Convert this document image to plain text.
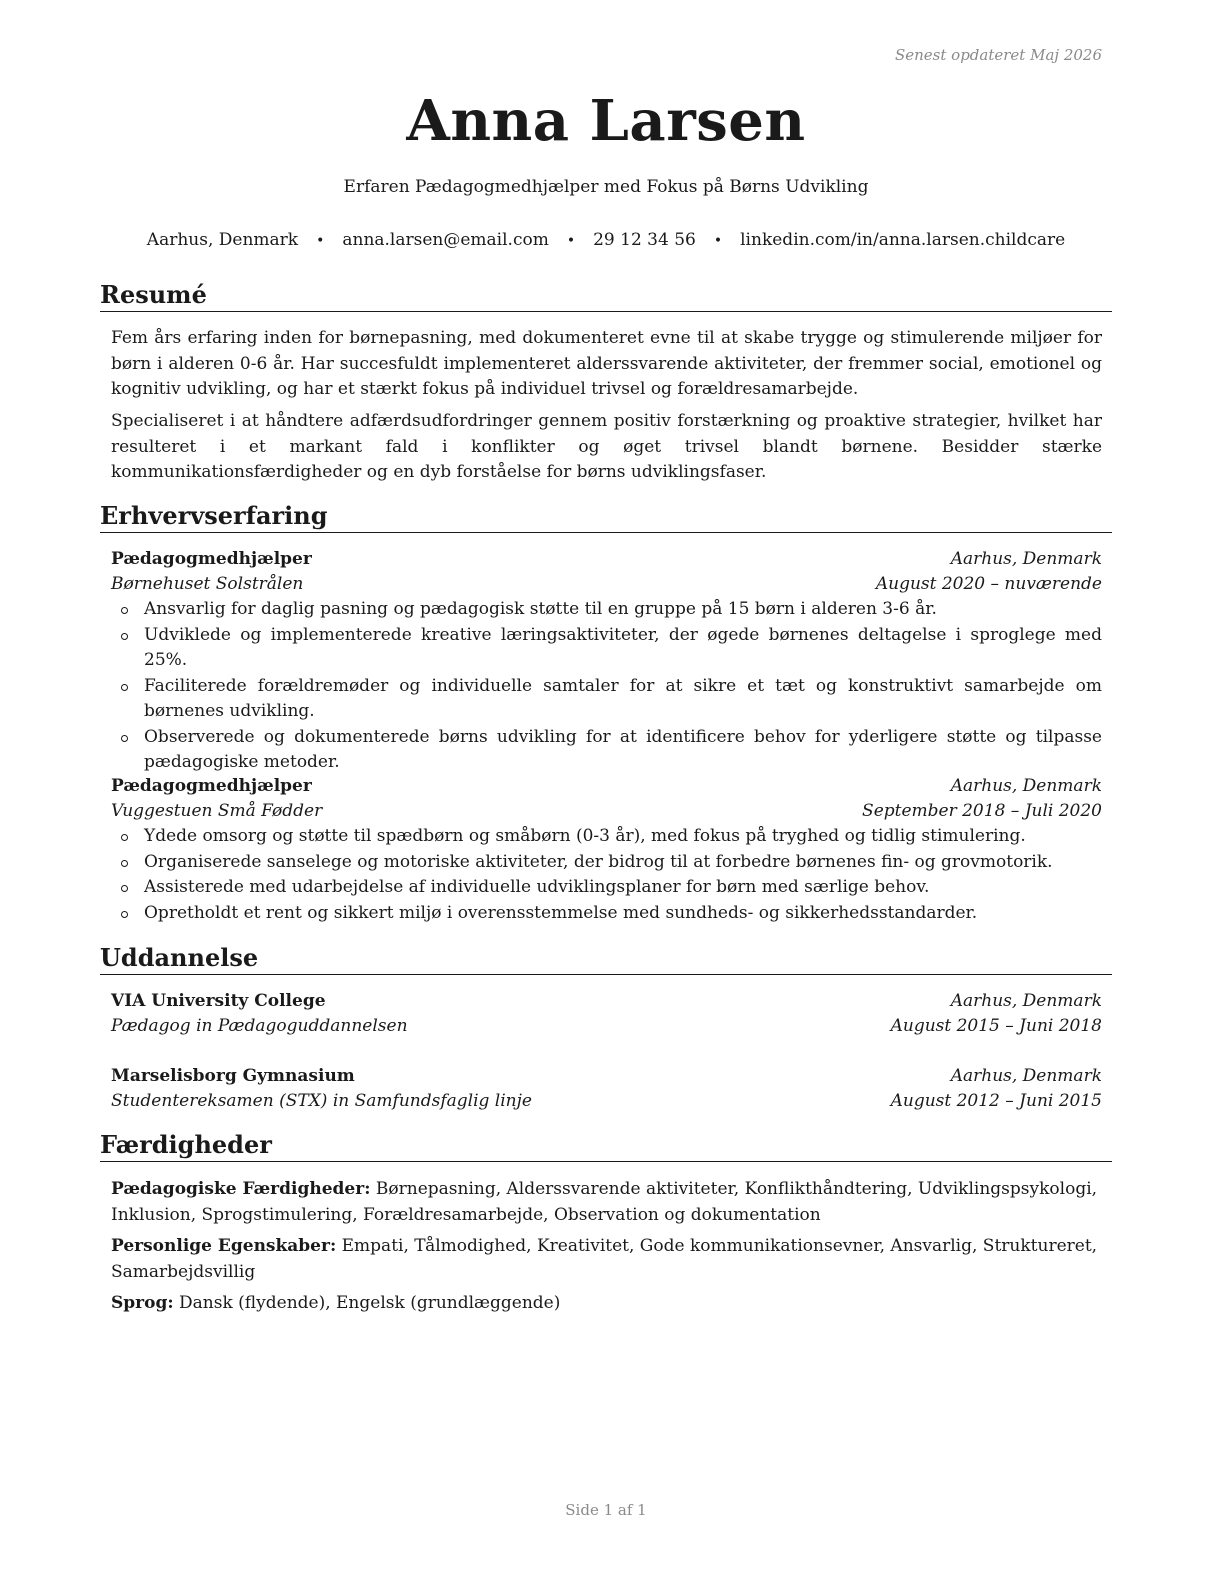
Senest opdateret Maj 2026
Anna Larsen
Erfaren Pædagogmedhjælper med Fokus på Børns Udvikling
Aarhus, Denmark • anna.larsen@email.com • 29 12 34 56 • linkedin.com/in/anna.larsen.childcare
Resumé
Fem års erfaring inden for børnepasning, med dokumenteret evne til at skabe trygge og stimulerende miljøer for børn i alderen 0-6 år. Har succesfuldt implementeret alderssvarende aktiviteter, der fremmer social, emotionel og kognitiv udvikling, og har et stærkt fokus på individuel trivsel og forældresamarbejde.
Specialiseret i at håndtere adfærdsudfordringer gennem positiv forstærkning og proaktive strategier, hvilket har resulteret i et markant fald i konflikter og øget trivsel blandt børnene. Besidder stærke kommunikationsfærdigheder og en dyb forståelse for børns udviklingsfaser.
Erhvervserfaring
Pædagogmedhjælper	Aarhus, Denmark
Børnehuset Solstrålen	August 2020 – nuværende
Ansvarlig for daglig pasning og pædagogisk støtte til en gruppe på 15 børn i alderen 3-6 år.
Udviklede og implementerede kreative læringsaktiviteter, der øgede børnenes deltagelse i sproglege med 25%.
Faciliterede forældremøder og individuelle samtaler for at sikre et tæt og konstruktivt samarbejde om børnenes udvikling.
Observerede og dokumenterede børns udvikling for at identificere behov for yderligere støtte og tilpasse pædagogiske metoder.
Pædagogmedhjælper	Aarhus, Denmark
Vuggestuen Små Fødder	September 2018 – Juli 2020
Ydede omsorg og støtte til spædbørn og småbørn (0-3 år), med fokus på tryghed og tidlig stimulering.
Organiserede sanselege og motoriske aktiviteter, der bidrog til at forbedre børnenes fin- og grovmotorik.
Assisterede med udarbejdelse af individuelle udviklingsplaner for børn med særlige behov.
Opretholdt et rent og sikkert miljø i overensstemmelse med sundheds- og sikkerhedsstandarder.
Uddannelse
VIA University College	Aarhus, Denmark
Pædagog in Pædagoguddannelsen	August 2015 – Juni 2018
Marselisborg Gymnasium	Aarhus, Denmark
Studentereksamen (STX) in Samfundsfaglig linje	August 2012 – Juni 2015
Færdigheder
Pædagogiske Færdigheder: Børnepasning, Alderssvarende aktiviteter, Konflikthåndtering, Udviklingspsykologi, Inklusion, Sprogstimulering, Forældresamarbejde, Observation og dokumentation
Personlige Egenskaber: Empati, Tålmodighed, Kreativitet, Gode kommunikationsevner, Ansvarlig, Struktureret, Samarbejdsvillig
Sprog: Dansk (flydende), Engelsk (grundlæggende)
Side 1 af 1
